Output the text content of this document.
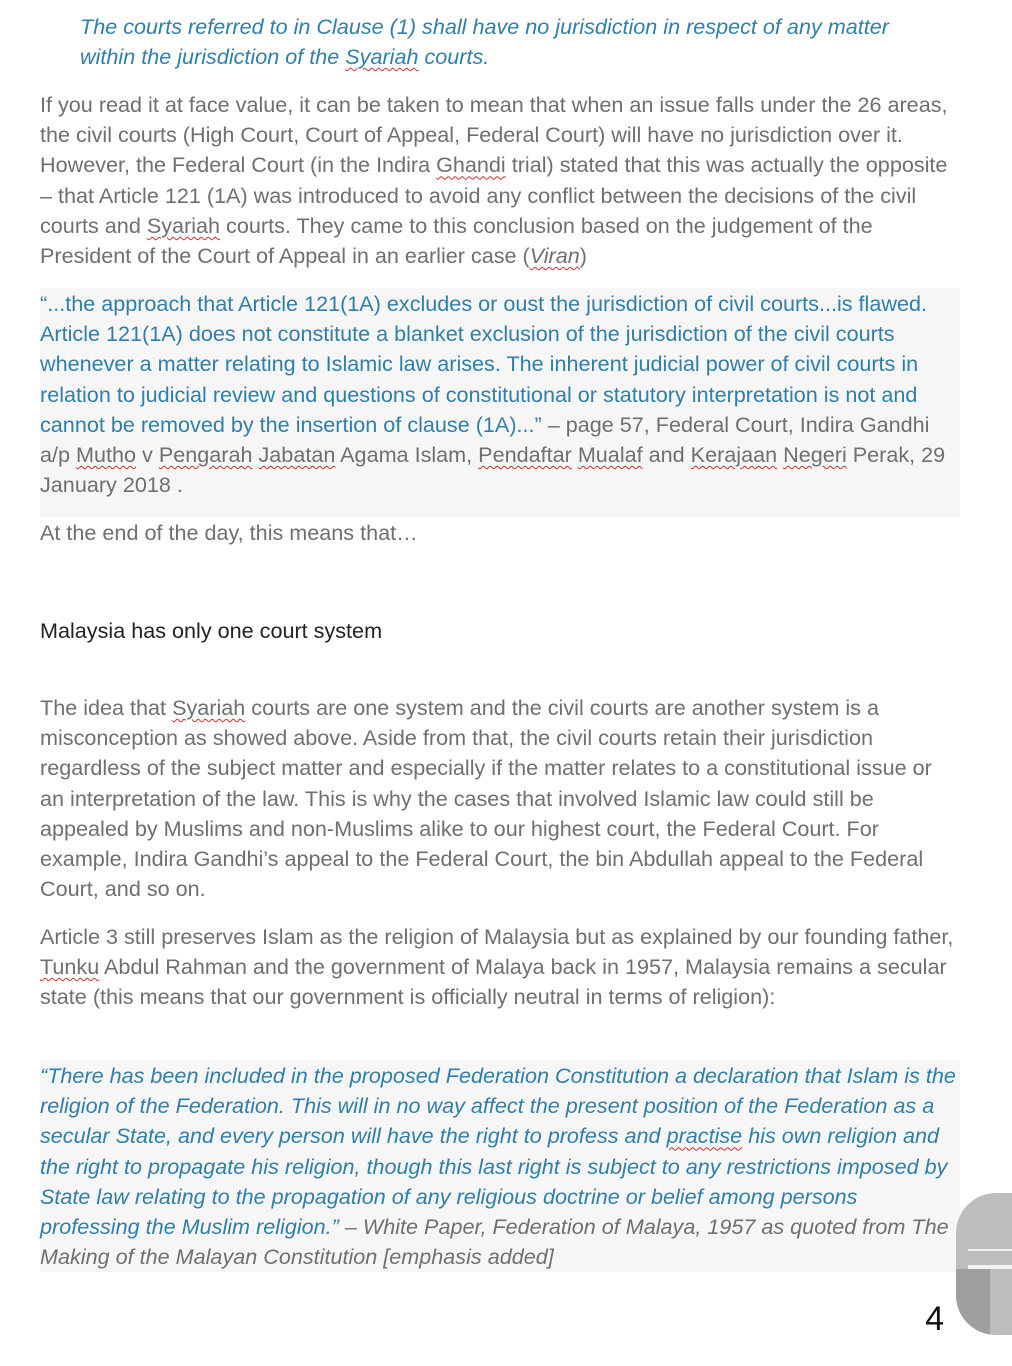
The courts referred to in Clause (1) shall have no jurisdiction in respect of any matter
within the jurisdiction of the Syariah courts.

If you read it at face value, it can be taken to mean that when an issue falls under the 26 areas, the civil courts (High Court, Court of Appeal, Federal Court) will have no jurisdiction over it. However, the Federal Court (in the Indira Ghandi trial) stated that this was actually the opposite – that Article 121 (1A) was introduced to avoid any conflict between the decisions of the civil courts and Syariah courts. They came to this conclusion based on the judgement of the President of the Court of Appeal in an earlier case (Viran)

“...the approach that Article 121(1A) excludes or oust the jurisdiction of civil courts...is flawed. Article 121(1A) does not constitute a blanket exclusion of the jurisdiction of the civil courts whenever a matter relating to Islamic law arises. The inherent judicial power of civil courts in relation to judicial review and questions of constitutional or statutory interpretation is not and cannot be removed by the insertion of clause (1A)...” – page 57, Federal Court, Indira Gandhi a/p Mutho v Pengarah Jabatan Agama Islam, Pendaftar Mualaf and Kerajaan Negeri Perak, 29 January 2018 .

At the end of the day, this means that…

Malaysia has only one court system

The idea that Syariah courts are one system and the civil courts are another system is a misconception as showed above. Aside from that, the civil courts retain their jurisdiction regardless of the subject matter and especially if the matter relates to a constitutional issue or an interpretation of the law. This is why the cases that involved Islamic law could still be appealed by Muslims and non-Muslims alike to our highest court, the Federal Court. For example, Indira Gandhi’s appeal to the Federal Court, the bin Abdullah appeal to the Federal Court, and so on.

Article 3 still preserves Islam as the religion of Malaysia but as explained by our founding father, Tunku Abdul Rahman and the government of Malaya back in 1957, Malaysia remains a secular state (this means that our government is officially neutral in terms of religion):

“There has been included in the proposed Federation Constitution a declaration that Islam is the religion of the Federation. This will in no way affect the present position of the Federation as a secular State, and every person will have the right to profess and practise his own religion and the right to propagate his religion, though this last right is subject to any restrictions imposed by State law relating to the propagation of any religious doctrine or belief among persons professing the Muslim religion.” – White Paper, Federation of Malaya, 1957 as quoted from The Making of the Malayan Constitution [emphasis added]

4
